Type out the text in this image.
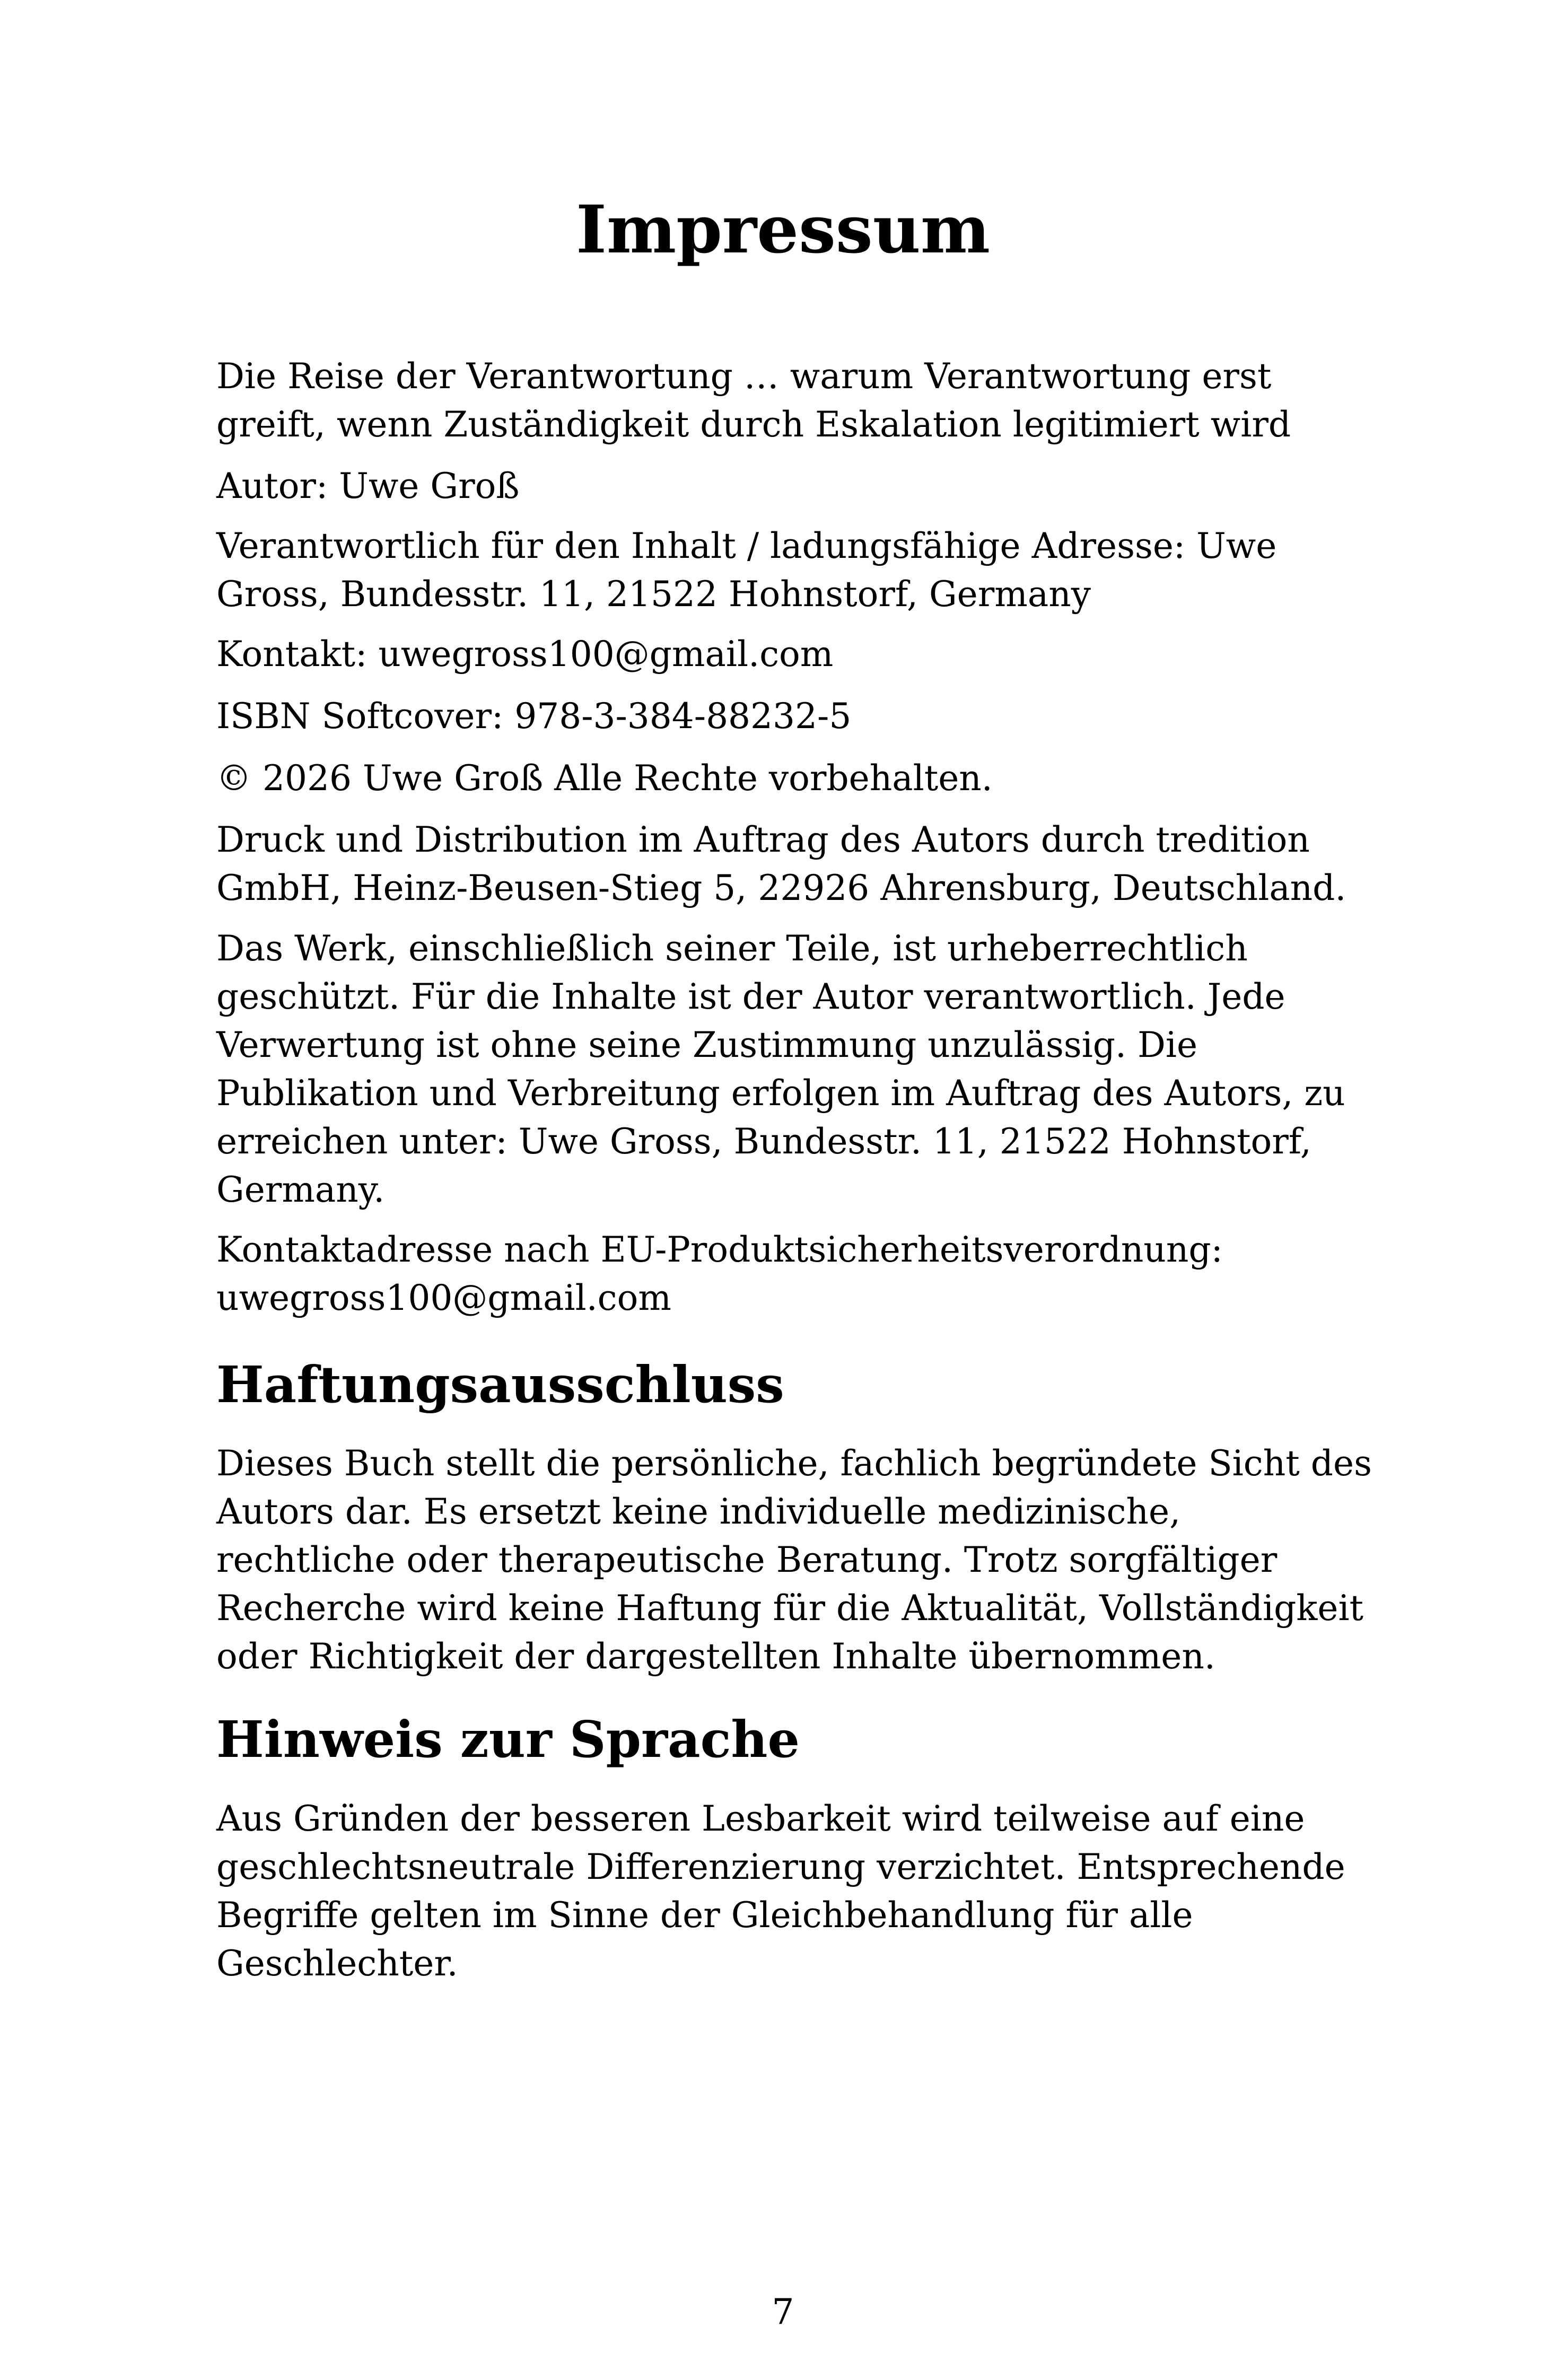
Impressum

Die Reise der Verantwortung … warum Verantwortung erst
greift, wenn Zuständigkeit durch Eskalation legitimiert wird

Autor: Uwe Groß

Verantwortlich für den Inhalt / ladungsfähige Adresse: Uwe
Gross, Bundesstr. 11, 21522 Hohnstorf, Germany

Kontakt: uwegross100@gmail.com

ISBN Softcover: 978-3-384-88232-5

© 2026 Uwe Groß Alle Rechte vorbehalten.

Druck und Distribution im Auftrag des Autors durch tredition
GmbH, Heinz-Beusen-Stieg 5, 22926 Ahrensburg, Deutschland.

Das Werk, einschließlich seiner Teile, ist urheberrechtlich
geschützt. Für die Inhalte ist der Autor verantwortlich. Jede
Verwertung ist ohne seine Zustimmung unzulässig. Die
Publikation und Verbreitung erfolgen im Auftrag des Autors, zu
erreichen unter: Uwe Gross, Bundesstr. 11, 21522 Hohnstorf,
Germany.

Kontaktadresse nach EU-Produktsicherheitsverordnung:
uwegross100@gmail.com

Haftungsausschluss

Dieses Buch stellt die persönliche, fachlich begründete Sicht des
Autors dar. Es ersetzt keine individuelle medizinische,
rechtliche oder therapeutische Beratung. Trotz sorgfältiger
Recherche wird keine Haftung für die Aktualität, Vollständigkeit
oder Richtigkeit der dargestellten Inhalte übernommen.

Hinweis zur Sprache

Aus Gründen der besseren Lesbarkeit wird teilweise auf eine
geschlechtsneutrale Differenzierung verzichtet. Entsprechende
Begriffe gelten im Sinne der Gleichbehandlung für alle
Geschlechter.

7
